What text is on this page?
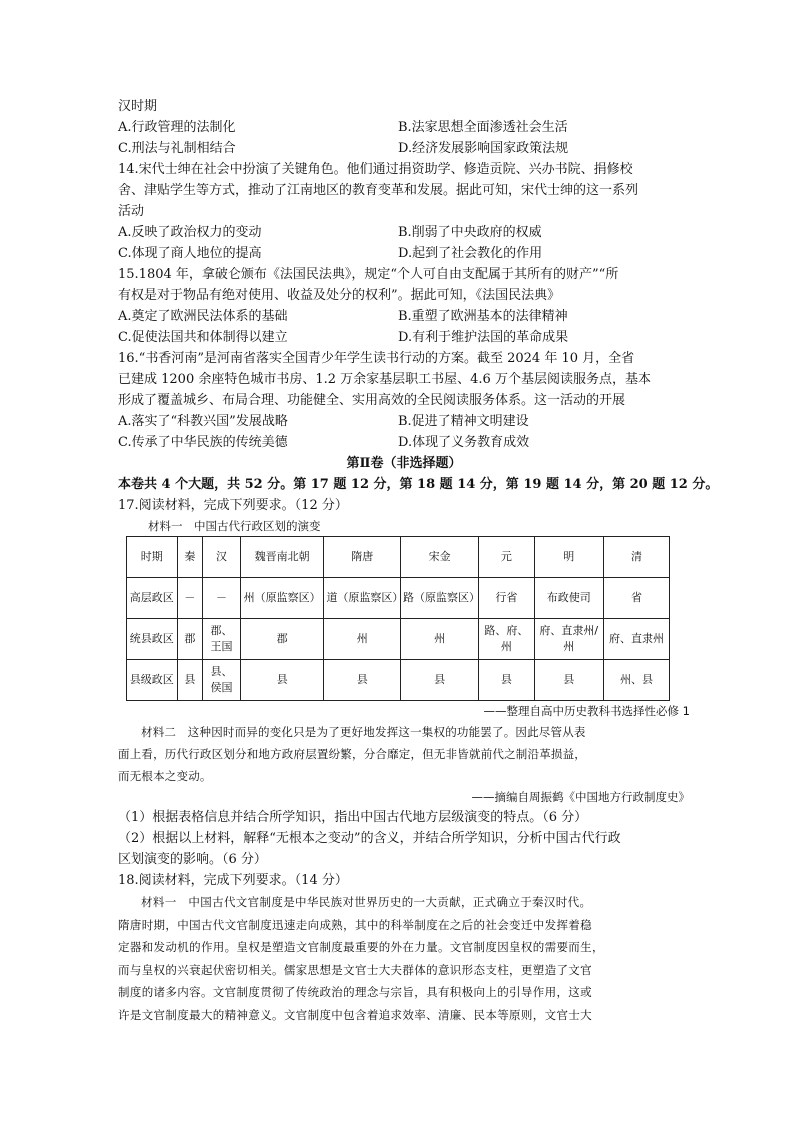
汉时期
A.行政管理的法制化	B.法家思想全面渗透社会生活
C.刑法与礼制相结合	D.经济发展影响国家政策法规
14.宋代士绅在社会中扮演了关键角色。他们通过捐资助学、修造贡院、兴办书院、捐修校
舍、津贴学生等方式，推动了江南地区的教育变革和发展。据此可知，宋代士绅的这一系列
活动
A.反映了政治权力的变动	B.削弱了中央政府的权威
C.体现了商人地位的提高	D.起到了社会教化的作用
15.1804 年，拿破仑颁布《法国民法典》，规定“个人可自由支配属于其所有的财产”“所
有权是对于物品有绝对使用、收益及处分的权利”。据此可知，《法国民法典》
A.奠定了欧洲民法体系的基础	B.重塑了欧洲基本的法律精神
C.促使法国共和体制得以建立	D.有利于维护法国的革命成果
16.“书香河南”是河南省落实全国青少年学生读书行动的方案。截至 2024 年 10 月，全省
已建成 1200 余座特色城市书房、1.2 万余家基层职工书屋、4.6 万个基层阅读服务点，基本
形成了覆盖城乡、布局合理、功能健全、实用高效的全民阅读服务体系。这一活动的开展
A.落实了“科教兴国”发展战略	B.促进了精神文明建设
C.传承了中华民族的传统美德	D.体现了义务教育成效
第Ⅱ卷（非选择题）
本卷共 4 个大题，共 52 分。第 17 题 12 分，第 18 题 14 分，第 19 题 14 分，第 20 题 12 分。
17.阅读材料，完成下列要求。（12 分）
材料一　中国古代行政区划的演变
时期	秦	汉	魏晋南北朝	隋唐	宋金	元	明	清
高层政区	－	－	州（原监察区）	道（原监察区）	路（原监察区）	行省	布政使司	省
统县政区	郡	郡、王国	郡	州	州	路、府、州	府、直隶州/州	府、直隶州
县级政区	县	县、侯国	县	县	县	县	县	州、县
——整理自高中历史教科书选择性必修 1
材料二　这种因时而异的变化只是为了更好地发挥这一集权的功能罢了。因此尽管从表
面上看，历代行政区划分和地方政府层置纷繁，分合靡定，但无非皆就前代之制沿革损益，
而无根本之变动。
——摘编自周振鹤《中国地方行政制度史》
（1）根据表格信息并结合所学知识，指出中国古代地方层级演变的特点。（6 分）
（2）根据以上材料，解释“无根本之变动”的含义，并结合所学知识，分析中国古代行政
区划演变的影响。（6 分）
18.阅读材料，完成下列要求。（14 分）
材料一　中国古代文官制度是中华民族对世界历史的一大贡献，正式确立于秦汉时代。
隋唐时期，中国古代文官制度迅速走向成熟，其中的科举制度在之后的社会变迁中发挥着稳
定器和发动机的作用。皇权是塑造文官制度最重要的外在力量。文官制度因皇权的需要而生，
而与皇权的兴衰起伏密切相关。儒家思想是文官士大夫群体的意识形态支柱，更塑造了文官
制度的诸多内容。文官制度贯彻了传统政治的理念与宗旨，具有积极向上的引导作用，这或
许是文官制度最大的精神意义。文官制度中包含着追求效率、清廉、民本等原则，文官士大
